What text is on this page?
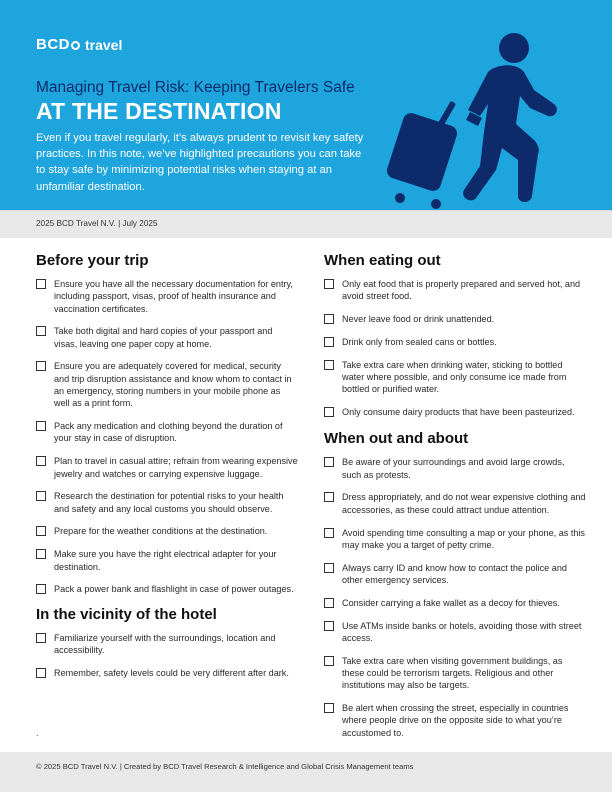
BCD travel
Managing Travel Risk: Keeping Travelers Safe
AT THE DESTINATION
Even if you travel regularly, it’s always prudent to revisit key safety practices. In this note, we’ve highlighted precautions you can take to stay safe by minimizing potential risks when staying at an unfamiliar destination.
2025 BCD Travel N.V. | July 2025
Before your trip
Ensure you have all the necessary documentation for entry, including passport, visas, proof of health insurance and vaccination certificates.
Take both digital and hard copies of your passport and visas, leaving one paper copy at home.
Ensure you are adequately covered for medical, security and trip disruption assistance and know whom to contact in an emergency, storing numbers in your mobile phone as well as a print form.
Pack any medication and clothing beyond the duration of your stay in case of disruption.
Plan to travel in casual attire; refrain from wearing expensive jewelry and watches or carrying expensive luggage.
Research the destination for potential risks to your health and safety and any local customs you should observe.
Prepare for the weather conditions at the destination.
Make sure you have the right electrical adapter for your destination.
Pack a power bank and flashlight in case of power outages.
In the vicinity of the hotel
Familiarize yourself with the surroundings, location and accessibility.
Remember, safety levels could be very different after dark.
When eating out
Only eat food that is properly prepared and served hot, and avoid street food.
Never leave food or drink unattended.
Drink only from sealed cans or bottles.
Take extra care when drinking water, sticking to bottled water where possible, and only consume ice made from bottled or purified water.
Only consume dairy products that have been pasteurized.
When out and about
Be aware of your surroundings and avoid large crowds, such as protests.
Dress appropriately, and do not wear expensive clothing and accessories, as these could attract undue attention.
Avoid spending time consulting a map or your phone, as this may make you a target of petty crime.
Always carry ID and know how to contact the police and other emergency services.
Consider carrying a fake wallet as a decoy for thieves.
Use ATMs inside banks or hotels, avoiding those with street access.
Take extra care when visiting government buildings, as these could be terrorism targets. Religious and other institutions may also be targets.
Be alert when crossing the street, especially in countries where people drive on the opposite side to what you’re accustomed to.
.
© 2025 BCD Travel N.V. | Created by BCD Travel Research & Intelligence and Global Crisis Management teams
